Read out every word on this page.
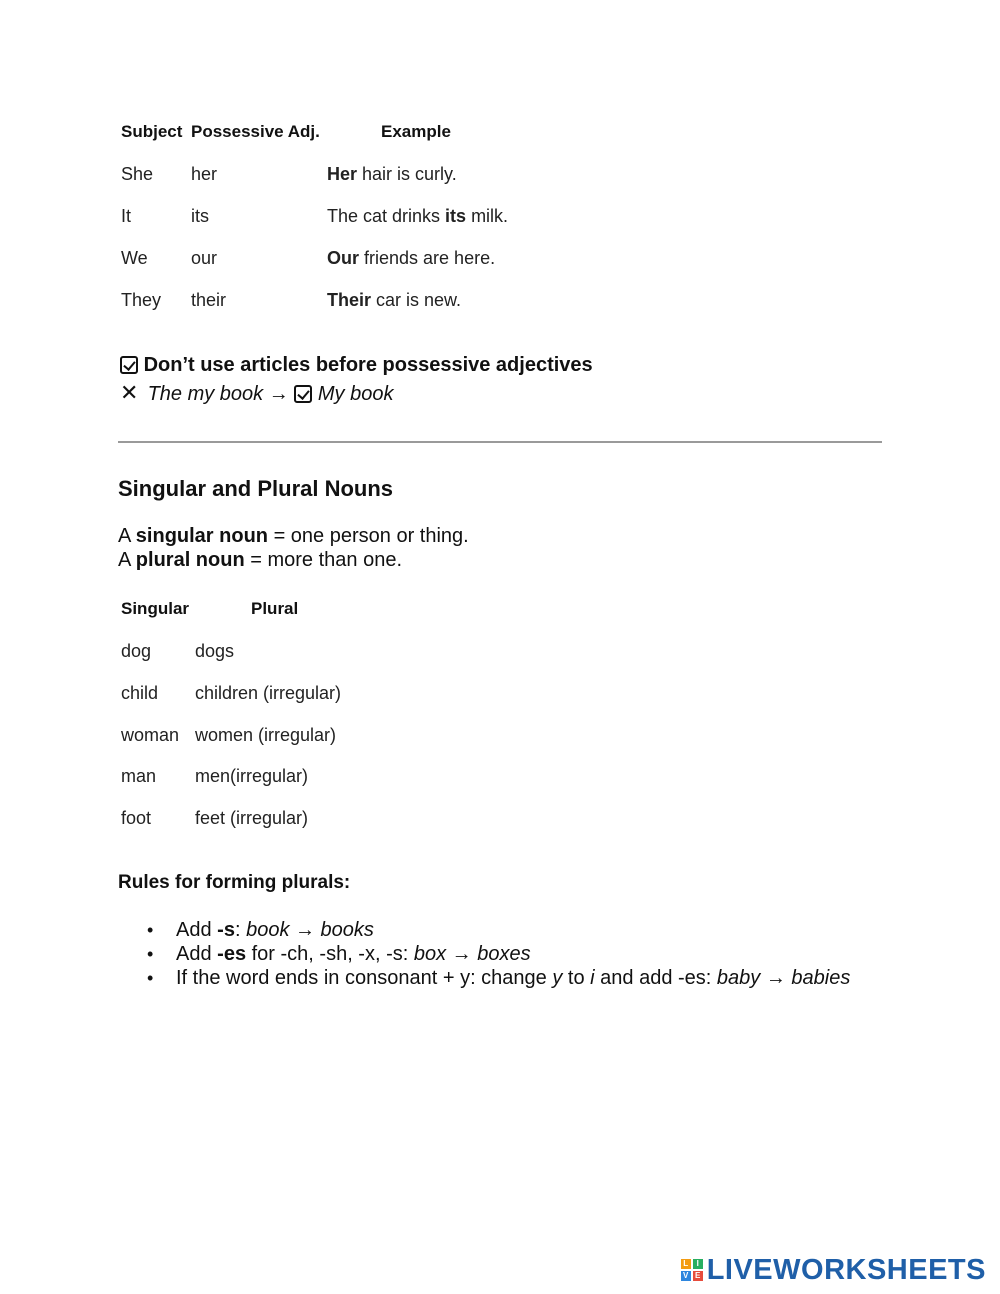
Subject Possessive Adj.	Example
She her	Her hair is curly.
It	its	The cat drinks its milk.
We our	Our friends are here.
They their	Their car is new.
Don’t use articles before possessive adjectives
✕ The my book → My book
Singular and Plural Nouns
A singular noun = one person or thing.
A plural noun = more than one.
Singular	Plural
dog dogs
child children (irregular)
woman women (irregular)
man men(irregular)
foot feet (irregular)
Rules for forming plurals:
• Add -s: book → books
• Add -es for -ch, -sh, -x, -s: box → boxes
• If the word ends in consonant + y: change y to i and add -es: baby → babies
L	I
V E LIVEWORKSHEETS
